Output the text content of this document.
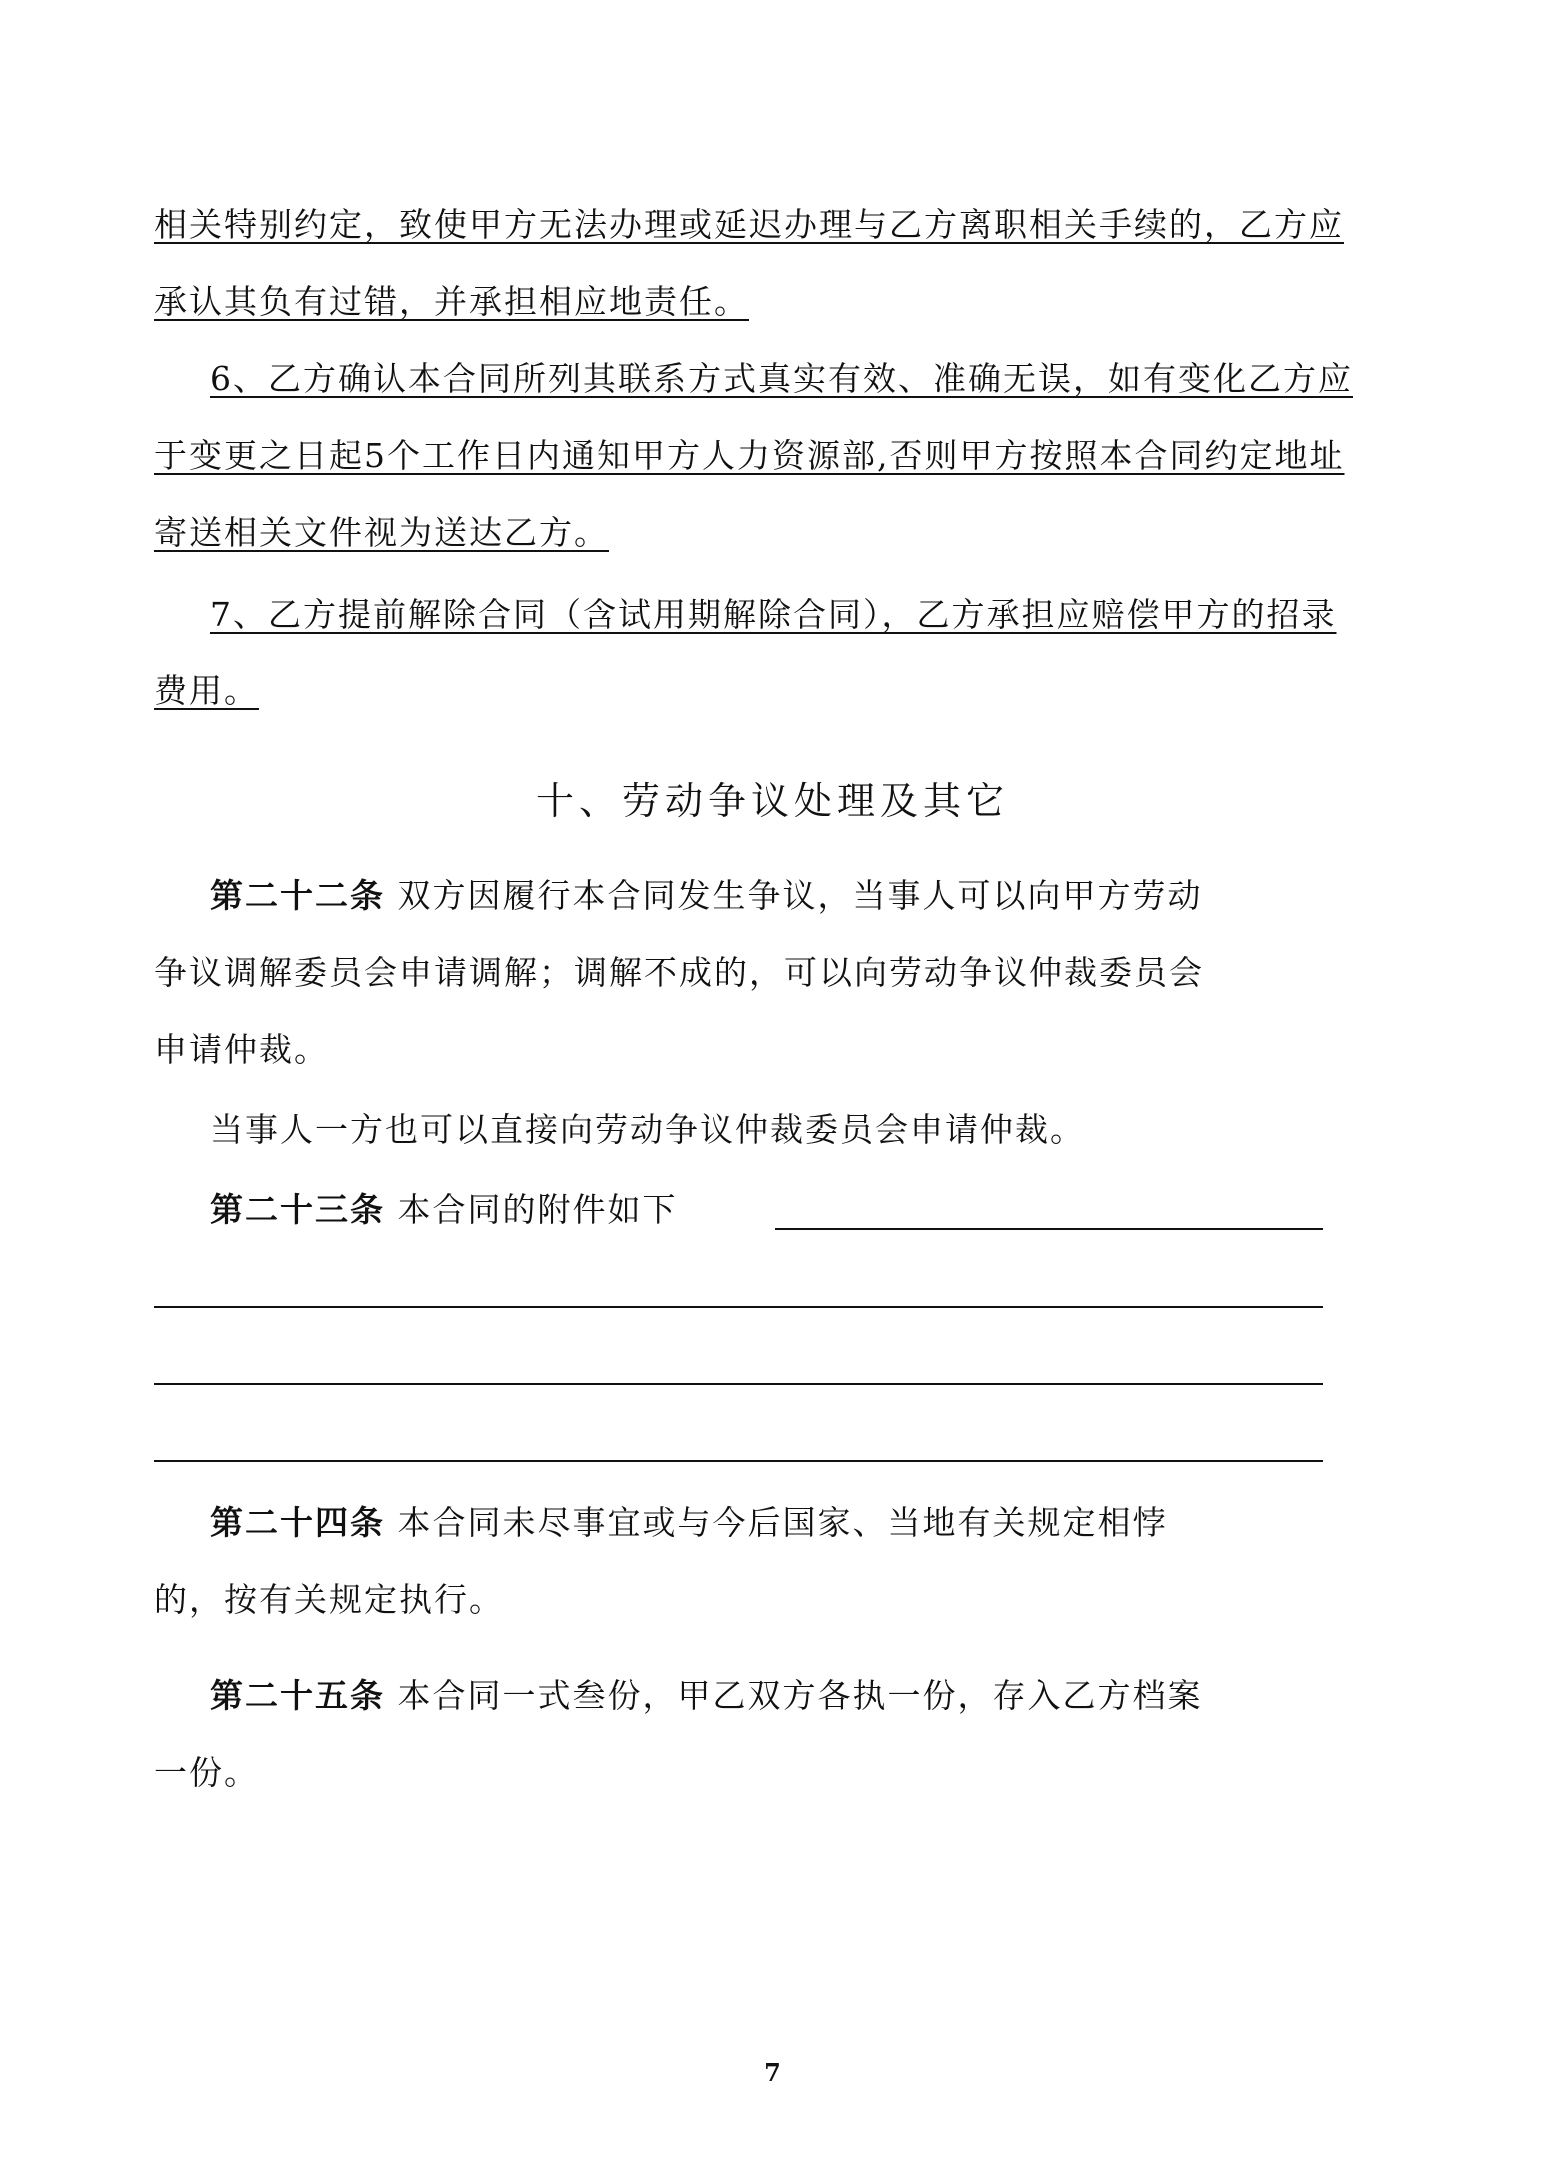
相关特别约定，致使甲方无法办理或延迟办理与乙方离职相关手续的，乙方应
承认其负有过错，并承担相应地责任。
6、乙方确认本合同所列其联系方式真实有效、准确无误，如有变化乙方应
于变更之日起5个工作日内通知甲方人力资源部,否则甲方按照本合同约定地址
寄送相关文件视为送达乙方。
7、乙方提前解除合同（含试用期解除合同），乙方承担应赔偿甲方的招录
费用。
十、劳动争议处理及其它
第二十二条 双方因履行本合同发生争议，当事人可以向甲方劳动
争议调解委员会申请调解；调解不成的，可以向劳动争议仲裁委员会
申请仲裁。
当事人一方也可以直接向劳动争议仲裁委员会申请仲裁。
第二十三条 本合同的附件如下
第二十四条 本合同未尽事宜或与今后国家、当地有关规定相悖
的，按有关规定执行。
第二十五条 本合同一式叁份，甲乙双方各执一份，存入乙方档案
一份。
7
